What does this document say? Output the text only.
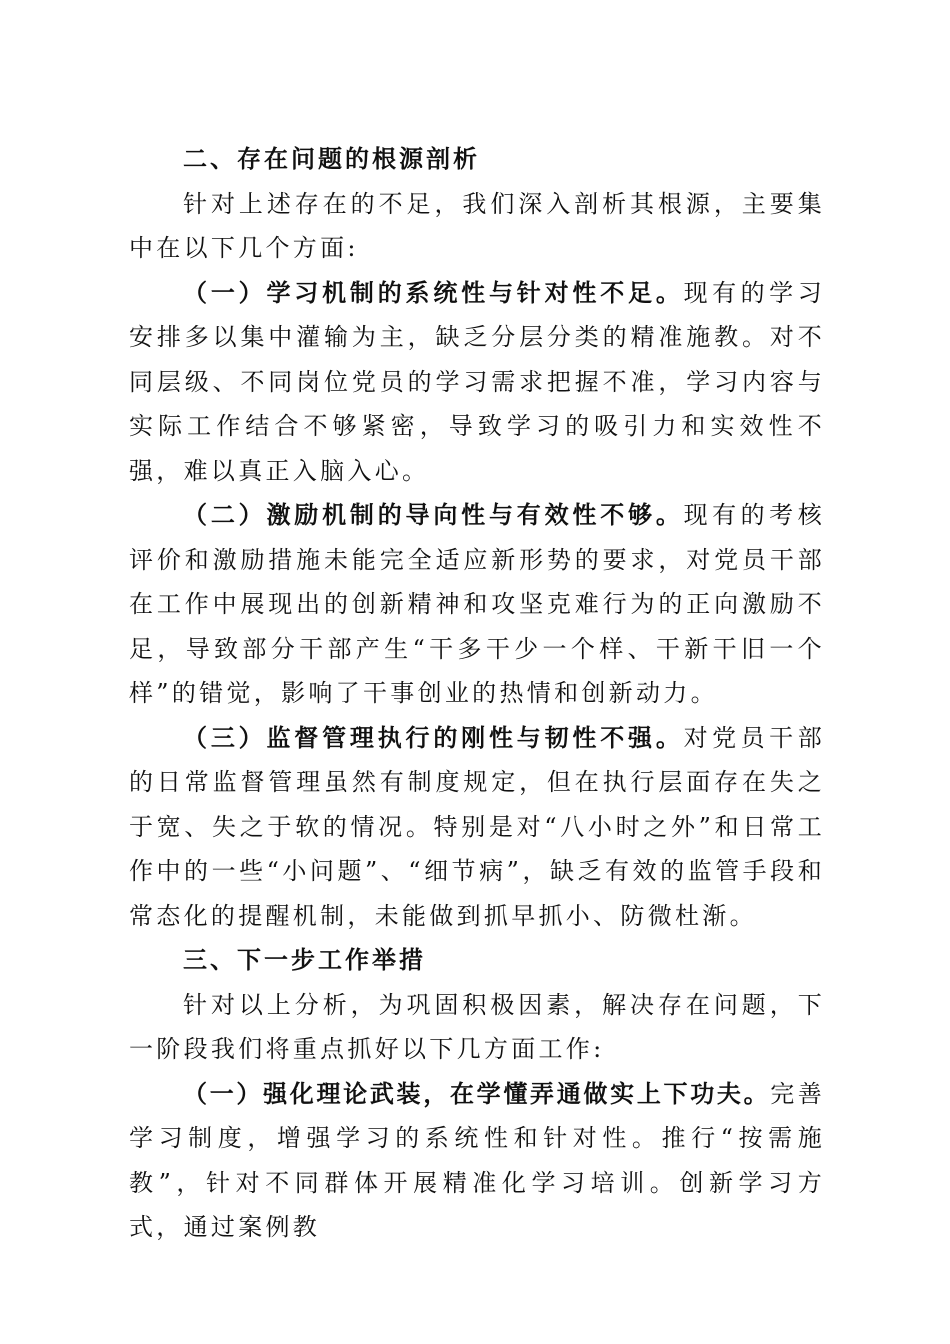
二、存在问题的根源剖析

针对上述存在的不足，我们深入剖析其根源，主要集中在以下几个方面:

（一）学习机制的系统性与针对性不足。现有的学习安排多以集中灌输为主，缺乏分层分类的精准施教。对不同层级、不同岗位党员的学习需求把握不准，学习内容与实际工作结合不够紧密，导致学习的吸引力和实效性不强，难以真正入脑入心。

（二）激励机制的导向性与有效性不够。现有的考核评价和激励措施未能完全适应新形势的要求，对党员干部在工作中展现出的创新精神和攻坚克难行为的正向激励不足，导致部分干部产生“干多干少一个样、干新干旧一个样”的错觉，影响了干事创业的热情和创新动力。

（三）监督管理执行的刚性与韧性不强。对党员干部的日常监督管理虽然有制度规定，但在执行层面存在失之于宽、失之于软的情况。特别是对“八小时之外”和日常工作中的一些“小问题”、“细节病”，缺乏有效的监管手段和常态化的提醒机制，未能做到抓早抓小、防微杜渐。

三、下一步工作举措

针对以上分析，为巩固积极因素，解决存在问题，下一阶段我们将重点抓好以下几方面工作:

（一）强化理论武装，在学懂弄通做实上下功夫。完善学习制度，增强学习的系统性和针对性。推行“按需施教”，针对不同群体开展精准化学习培训。创新学习方式，通过案例教
